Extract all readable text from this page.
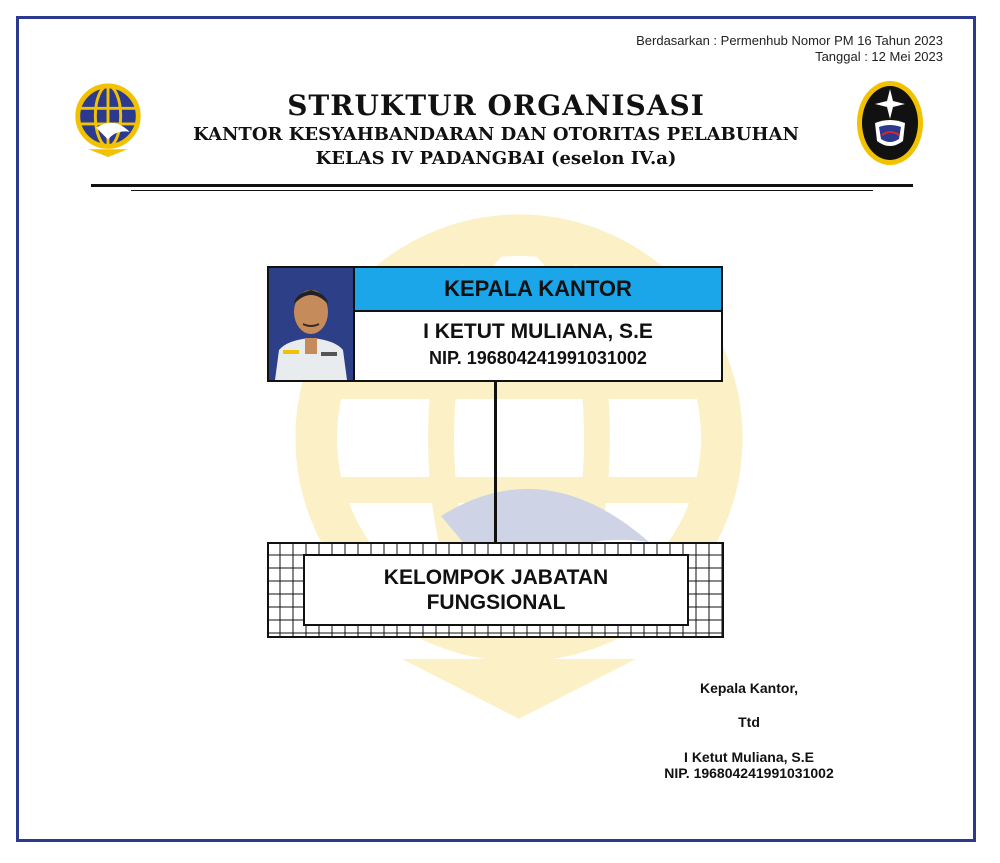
Berdasarkan : Permenhub Nomor PM 16 Tahun 2023
Tanggal : 12 Mei 2023
STRUKTUR ORGANISASI
KANTOR KESYAHBANDARAN DAN OTORITAS PELABUHAN
KELAS IV PADANGBAI (eselon IV.a)
KEPALA KANTOR
I KETUT MULIANA, S.E
NIP. 196804241991031002
KELOMPOK JABATAN
FUNGSIONAL
Kepala Kantor,
Ttd
I Ketut Muliana, S.E
NIP. 196804241991031002
